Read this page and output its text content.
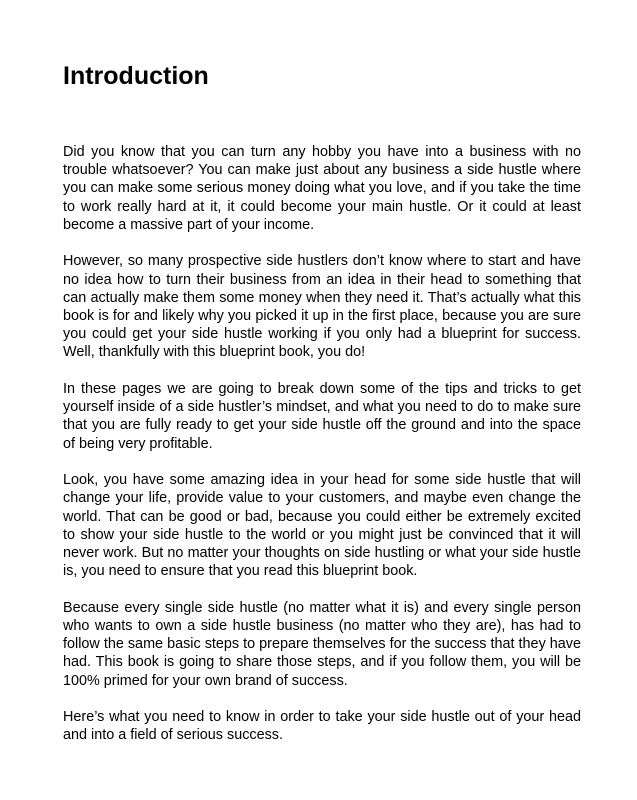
Introduction

Did you know that you can turn any hobby you have into a business with no trouble whatsoever? You can make just about any business a side hustle where you can make some serious money doing what you love, and if you take the time to work really hard at it, it could become your main hustle. Or it could at least become a massive part of your income.

However, so many prospective side hustlers don’t know where to start and have no idea how to turn their business from an idea in their head to something that can actually make them some money when they need it. That’s actually what this book is for and likely why you picked it up in the first place, because you are sure you could get your side hustle working if you only had a blueprint for success. Well, thankfully with this blueprint book, you do!

In these pages we are going to break down some of the tips and tricks to get yourself inside of a side hustler’s mindset, and what you need to do to make sure that you are fully ready to get your side hustle off the ground and into the space of being very profitable.

Look, you have some amazing idea in your head for some side hustle that will change your life, provide value to your customers, and maybe even change the world. That can be good or bad, because you could either be extremely excited to show your side hustle to the world or you might just be convinced that it will never work. But no matter your thoughts on side hustling or what your side hustle is, you need to ensure that you read this blueprint book.

Because every single side hustle (no matter what it is) and every single person who wants to own a side hustle business (no matter who they are), has had to follow the same basic steps to prepare themselves for the success that they have had. This book is going to share those steps, and if you follow them, you will be 100% primed for your own brand of success.

Here’s what you need to know in order to take your side hustle out of your head and into a field of serious success.
